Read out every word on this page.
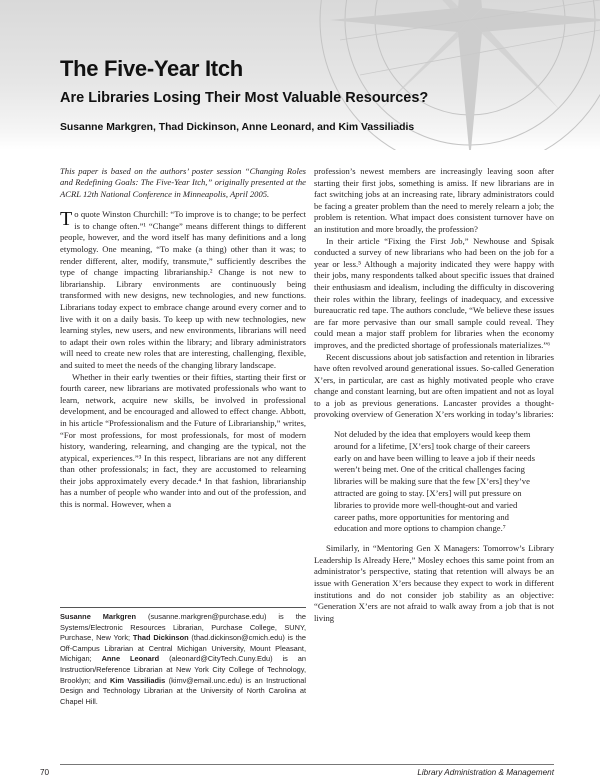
The Five-Year Itch
Are Libraries Losing Their Most Valuable Resources?
Susanne Markgren, Thad Dickinson, Anne Leonard, and Kim Vassiliadis

This paper is based on the authors’ poster session “Changing Roles and Redefining Goals: The Five-Year Itch,” originally presented at the ACRL 12th National Conference in Minneapolis, April 2005.

To quote Winston Churchill: “To improve is to change; to be perfect is to change often.”¹ “Change” means different things to different people, however, and the word itself has many definitions and a long etymology. One meaning, “To make (a thing) other than it was; to render different, alter, modify, transmute,” sufficiently describes the type of change impacting librarianship.² Change is not new to librarianship. Library environments are continuously being transformed with new designs, new technologies, and new functions. Librarians today expect to embrace change around every corner and to live with it on a daily basis. To keep up with new technologies, new learning styles, new users, and new environments, librarians will need to adapt their own roles within the library; and library administrators will need to create new roles that are interesting, challenging, flexible, and suited to meet the needs of the changing library landscape.

Whether in their early twenties or their fifties, starting their first or fourth career, new librarians are motivated professionals who want to learn, network, acquire new skills, be involved in professional development, and be encouraged and allowed to effect change. Abbott, in his article “Professionalism and the Future of Librarianship,” writes, “For most professions, for most professionals, for most of modern history, wandering, relearning, and changing are the typical, not the atypical, experiences.”³ In this respect, librarians are not any different than other professionals; in fact, they are accustomed to relearning their jobs approximately every decade.⁴ In that fashion, librarianship has a number of people who wander into and out of the profession, and this is normal. However, when a

Susanne Markgren (susanne.markgren@purchase.edu) is the Systems/Electronic Resources Librarian, Purchase College, SUNY, Purchase, New York; Thad Dickinson (thad.dickinson@cmich.edu) is the Off-Campus Librarian at Central Michigan University, Mount Pleasant, Michigan; Anne Leonard (aleonard@CityTech.Cuny.Edu) is an Instruction/Reference Librarian at New York City College of Technology, Brooklyn; and Kim Vassiliadis (kimv@email.unc.edu) is an Instructional Design and Technology Librarian at the University of North Carolina at Chapel Hill.

profession’s newest members are increasingly leaving soon after starting their first jobs, something is amiss. If new librarians are in fact switching jobs at an increasing rate, library administrators could be facing a greater problem than the need to merely relearn a job; the problem is retention. What impact does consistent turnover have on an institution and more broadly, the profession?

In their article “Fixing the First Job,” Newhouse and Spisak conducted a survey of new librarians who had been on the job for a year or less.⁵ Although a majority indicated they were happy with their jobs, many respondents talked about specific issues that drained their enthusiasm and idealism, including the difficulty in discovering their roles within the library, feelings of inadequacy, and excessive bureaucratic red tape. The authors conclude, “We believe these issues are far more pervasive than our small sample could reveal. They could mean a major staff problem for libraries when the economy improves, and the predicted shortage of professionals materializes.”⁶

Recent discussions about job satisfaction and retention in libraries have often revolved around generational issues. So-called Generation X’ers, in particular, are cast as highly motivated people who crave change and constant learning, but are often impatient and not as loyal to a job as previous generations. Lancaster provides a thought-provoking overview of Generation X’ers working in today’s libraries:

Not deluded by the idea that employers would keep them around for a lifetime, [X’ers] took charge of their careers early on and have been willing to leave a job if their needs weren’t being met. One of the critical challenges facing libraries will be making sure that the few [X’ers] they’ve attracted are going to stay. [X’ers] will put pressure on libraries to provide more well-thought-out and varied career paths, more opportunities for mentoring and education and more options to champion change.⁷

Similarly, in “Mentoring Gen X Managers: Tomorrow’s Library Leadership Is Already Here,” Mosley echoes this same point from an administrator’s perspective, stating that retention will always be an issue with Generation X’ers because they expect to work in different institutions and do not consider job stability as an objective: “Generation X’ers are not afraid to walk away from a job that is not living

70	Library Administration & Management
